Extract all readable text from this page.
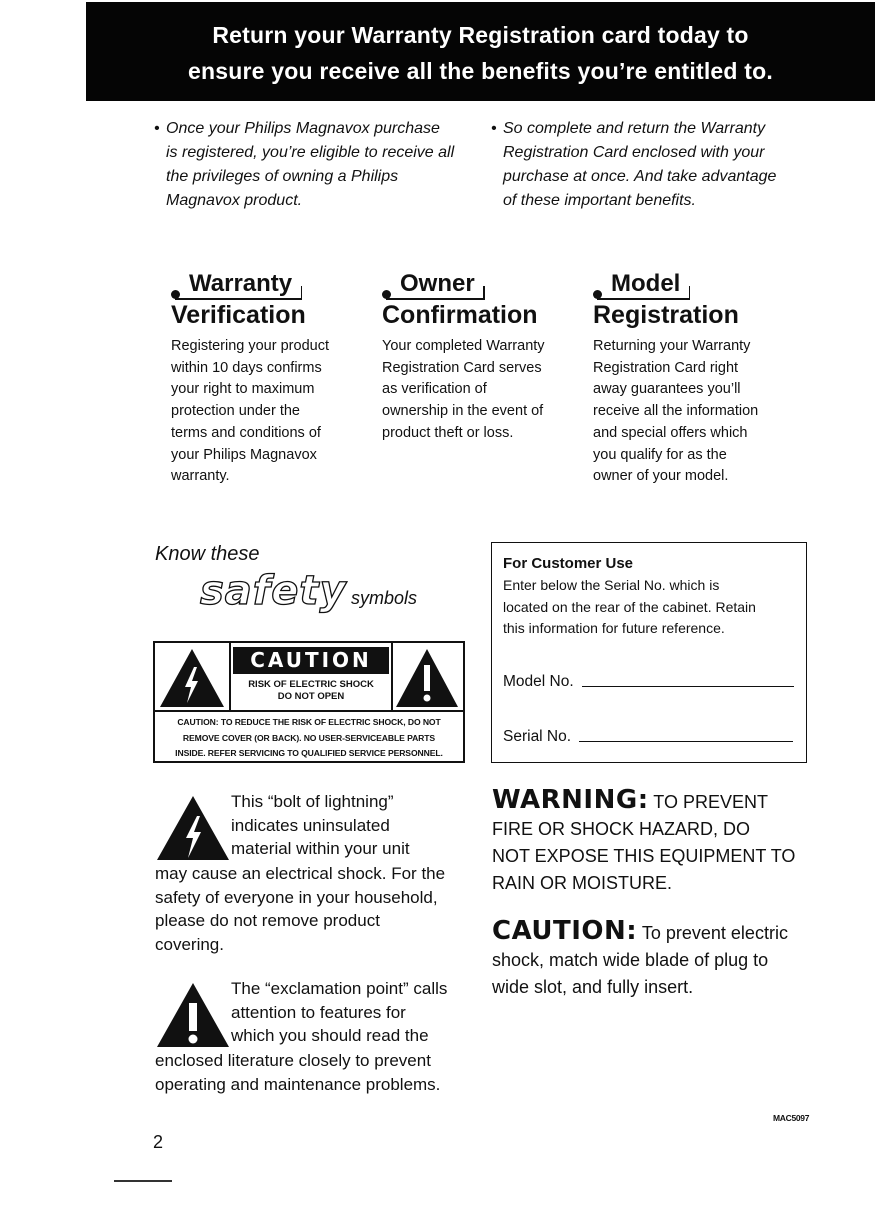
Return your Warranty Registration card today to
ensure you receive all the benefits you’re entitled to.

• Once your Philips Magnavox purchase
is registered, you’re eligible to receive all
the privileges of owning a Philips
Magnavox product.

• So complete and return the Warranty
Registration Card enclosed with your
purchase at once. And take advantage
of these important benefits.

Warranty
Verification
Registering your product
within 10 days confirms
your right to maximum
protection under the
terms and conditions of
your Philips Magnavox
warranty.
Owner
Confirmation
Your completed Warranty
Registration Card serves
as verification of
ownership in the event of
product theft or loss.
Model
Registration
Returning your Warranty
Registration Card right
away guarantees you’ll
receive all the information
and special offers which
you qualify for as the
owner of your model.
Know these
safety symbols
CAUTION
RISK OF ELECTRIC SHOCK
DO NOT OPEN
CAUTION: TO REDUCE THE RISK OF ELECTRIC SHOCK, DO NOT
REMOVE COVER (OR BACK). NO USER-SERVICEABLE PARTS
INSIDE. REFER SERVICING TO QUALIFIED SERVICE PERSONNEL.
For Customer Use
Enter below the Serial No. which is
located on the rear of the cabinet. Retain
this information for future reference.
Model No.
Serial No.
This “bolt of lightning”
indicates uninsulated
material within your unit
may cause an electrical shock. For the
safety of everyone in your household,
please do not remove product
covering.
The “exclamation point” calls
attention to features for
which you should read the
enclosed literature closely to prevent
operating and maintenance problems.
WARNING: TO PREVENT
FIRE OR SHOCK HAZARD, DO
NOT EXPOSE THIS EQUIPMENT TO
RAIN OR MOISTURE.
CAUTION: To prevent electric
shock, match wide blade of plug to
wide slot, and fully insert.
MAC5097
2
